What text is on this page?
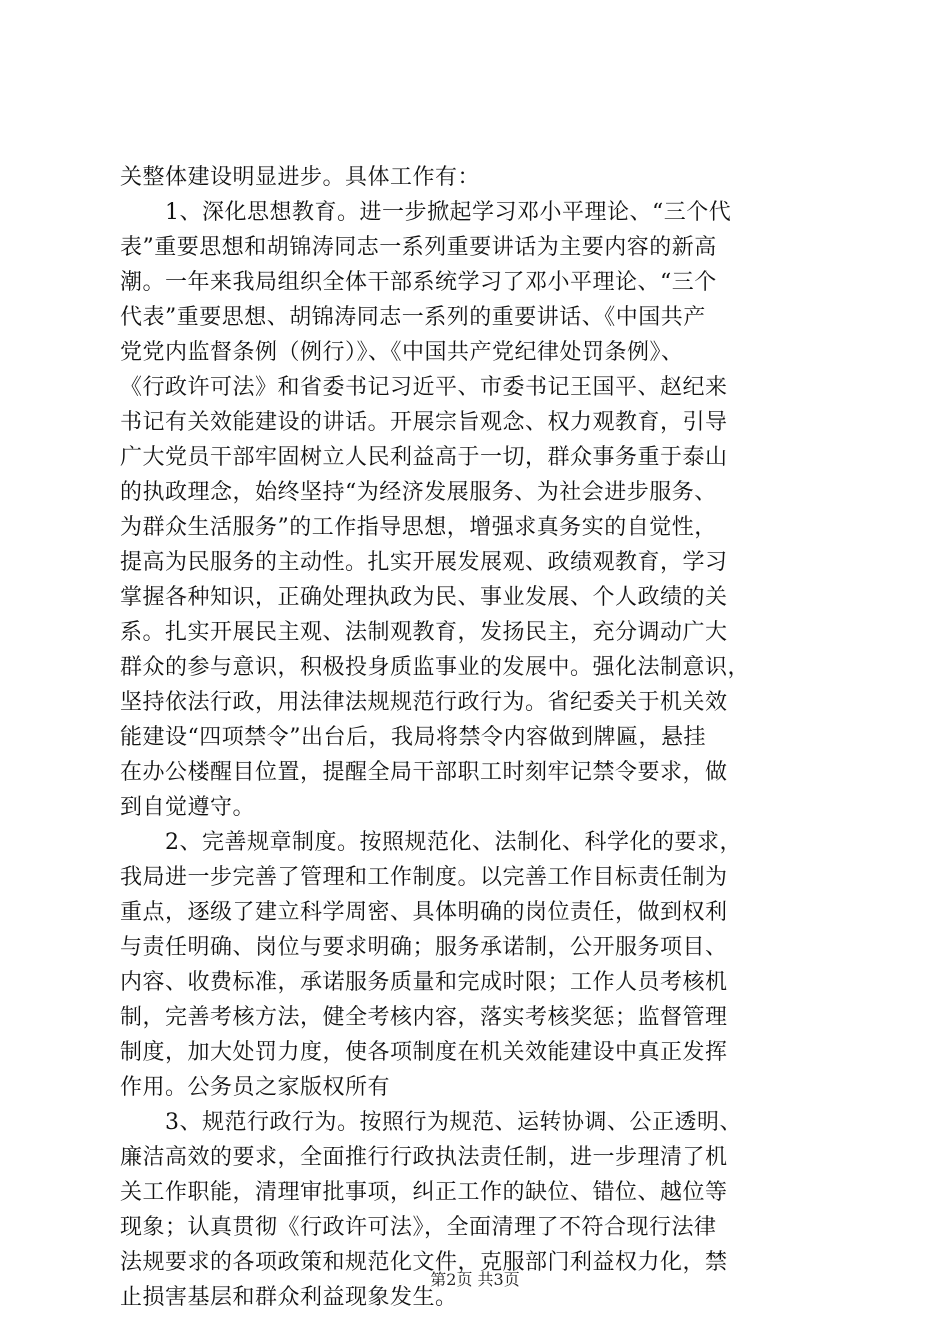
关整体建设明显进步。具体工作有：
　　1、深化思想教育。进一步掀起学习邓小平理论、“三个代
表”重要思想和胡锦涛同志一系列重要讲话为主要内容的新高
潮。一年来我局组织全体干部系统学习了邓小平理论、“三个
代表”重要思想、胡锦涛同志一系列的重要讲话、《中国共产
党党内监督条例（例行）》、《中国共产党纪律处罚条例》、
《行政许可法》和省委书记习近平、市委书记王国平、赵纪来
书记有关效能建设的讲话。开展宗旨观念、权力观教育，引导
广大党员干部牢固树立人民利益高于一切，群众事务重于泰山
的执政理念，始终坚持“为经济发展服务、为社会进步服务、
为群众生活服务”的工作指导思想，增强求真务实的自觉性，
提高为民服务的主动性。扎实开展发展观、政绩观教育，学习
掌握各种知识，正确处理执政为民、事业发展、个人政绩的关
系。扎实开展民主观、法制观教育，发扬民主，充分调动广大
群众的参与意识，积极投身质监事业的发展中。强化法制意识，
坚持依法行政，用法律法规规范行政行为。省纪委关于机关效
能建设“四项禁令”出台后，我局将禁令内容做到牌匾，悬挂
在办公楼醒目位置，提醒全局干部职工时刻牢记禁令要求，做
到自觉遵守。
　　2、完善规章制度。按照规范化、法制化、科学化的要求，
我局进一步完善了管理和工作制度。以完善工作目标责任制为
重点，逐级了建立科学周密、具体明确的岗位责任，做到权利
与责任明确、岗位与要求明确；服务承诺制，公开服务项目、
内容、收费标准，承诺服务质量和完成时限；工作人员考核机
制，完善考核方法，健全考核内容，落实考核奖惩；监督管理
制度，加大处罚力度，使各项制度在机关效能建设中真正发挥
作用。公务员之家版权所有
　　3、规范行政行为。按照行为规范、运转协调、公正透明、
廉洁高效的要求，全面推行行政执法责任制，进一步理清了机
关工作职能，清理审批事项，纠正工作的缺位、错位、越位等
现象；认真贯彻《行政许可法》，全面清理了不符合现行法律
法规要求的各项政策和规范化文件，克服部门利益权力化，禁
止损害基层和群众利益现象发生。
第2页 共3页
